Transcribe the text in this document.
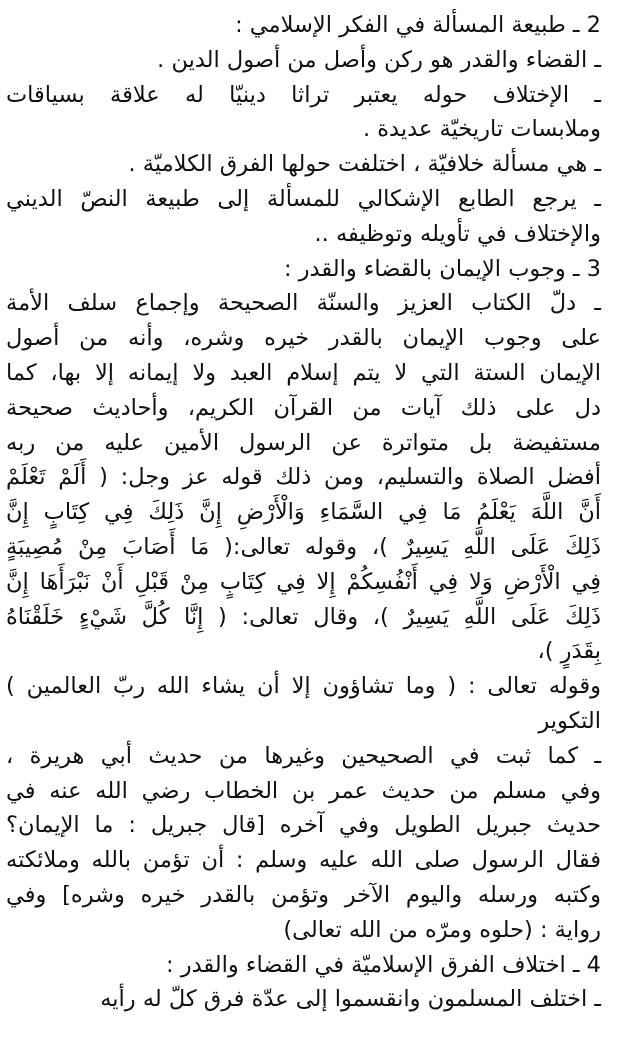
2 ـ طبيعة المسألة في الفكر الإسلامي :
ـ القضاء والقدر هو ركن وأصل من أصول الدين .
ـ الإختلاف حوله يعتبر تراثا دينيّا له علاقة بسياقات
وملابسات تاريخيّة عديدة .
ـ هي مسألة خلافيّة ، اختلفت حولها الفرق الكلاميّة .
ـ يرجع الطابع الإشكالي للمسألة إلى طبيعة النصّ الديني
والإختلاف في تأويله وتوظيفه ..
3 ـ وجوب الإيمان بالقضاء والقدر :
ـ دلّ الكتاب العزيز والسنّة الصحيحة وإجماع سلف الأمة
على وجوب الإيمان بالقدر خيره وشره، وأنه من أصول
الإيمان الستة التي لا يتم إسلام العبد ولا إيمانه إلا بها، كما
دل على ذلك آيات من القرآن الكريم، وأحاديث صحيحة
مستفيضة بل متواترة عن الرسول الأمين عليه من ربه
أفضل الصلاة والتسليم، ومن ذلك قوله عز وجل: ( أَلَمْ تَعْلَمْ
أَنَّ اللَّهَ يَعْلَمُ مَا فِي السَّمَاءِ وَالْأَرْضِ إِنَّ ذَلِكَ فِي كِتَابٍ إِنَّ
ذَلِكَ عَلَى اللَّهِ يَسِيرٌ )، وقوله تعالى:( مَا أَصَابَ مِنْ مُصِيبَةٍ
فِي الْأَرْضِ وَلا فِي أَنْفُسِكُمْ إِلا فِي كِتَابٍ مِنْ قَبْلِ أَنْ نَبْرَأَهَا إِنَّ
ذَلِكَ عَلَى اللَّهِ يَسِيرٌ )، وقال تعالى: ( إِنَّا كُلَّ شَيْءٍ خَلَقْنَاهُ
بِقَدَرٍ )،
وقوله تعالى : ( وما تشاؤون إلا أن يشاء الله ربّ العالمين )
التكوير
ـ كما ثبت في الصحيحين وغيرها من حديث أبي هريرة ،
وفي مسلم من حديث عمر بن الخطاب رضي الله عنه في
حديث جبريل الطويل وفي آخره [قال جبريل : ما الإيمان؟
فقال الرسول صلى الله عليه وسلم : أن تؤمن بالله وملائكته
وكتبه ورسله واليوم الآخر وتؤمن بالقدر خيره وشره] وفي
رواية : (حلوه ومرّه من الله تعالى)
4 ـ اختلاف الفرق الإسلاميّة في القضاء والقدر :
ـ اختلف المسلمون وانقسموا إلى عدّة فرق كلّ له رأيه
